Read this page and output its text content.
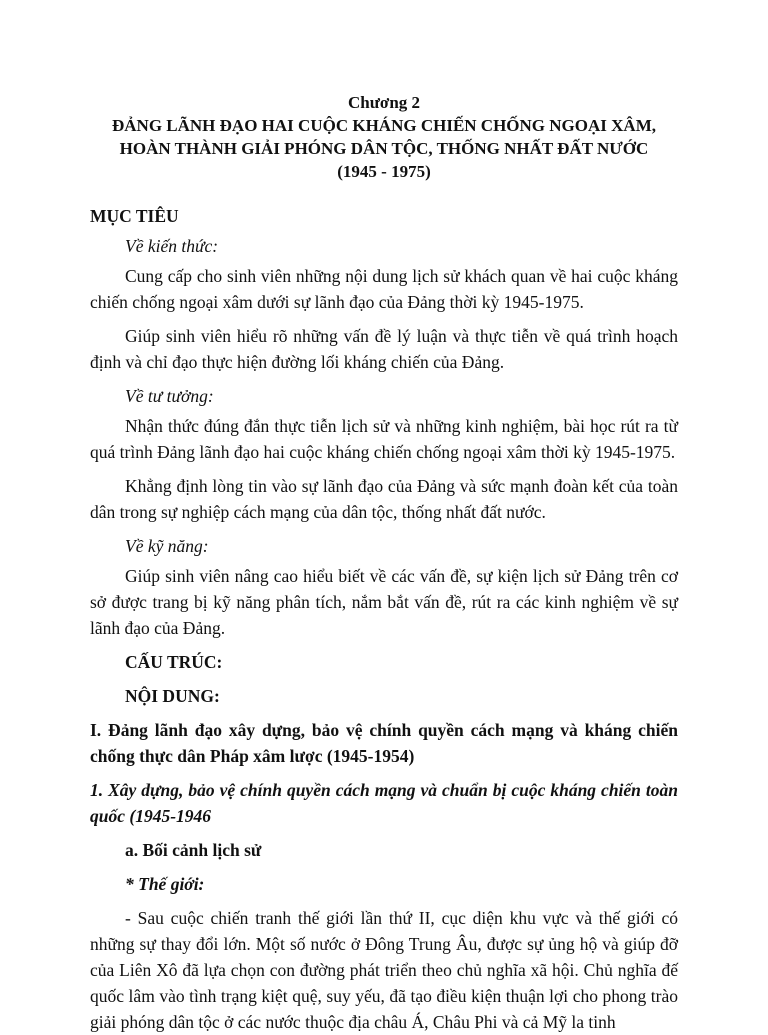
Chương 2
ĐẢNG LÃNH ĐẠO HAI CUỘC KHÁNG CHIẾN CHỐNG NGOẠI XÂM,
HOÀN THÀNH GIẢI PHÓNG DÂN TỘC, THỐNG NHẤT ĐẤT NƯỚC
(1945 - 1975)
MỤC TIÊU
Về kiến thức:
Cung cấp cho sinh viên những nội dung lịch sử khách quan về hai cuộc kháng chiến chống ngoại xâm dưới sự lãnh đạo của Đảng thời kỳ 1945-1975.
Giúp sinh viên hiểu rõ những vấn đề lý luận và thực tiễn về quá trình hoạch định và chỉ đạo thực hiện đường lối kháng chiến của Đảng.
Về tư tưởng:
Nhận thức đúng đắn thực tiễn lịch sử và những kinh nghiệm, bài học rút ra từ quá trình Đảng lãnh đạo hai cuộc kháng chiến chống ngoại xâm thời kỳ 1945-1975.
Khẳng định lòng tin vào sự lãnh đạo của Đảng và sức mạnh đoàn kết của toàn dân trong sự nghiệp cách mạng của dân tộc, thống nhất đất nước.
Về kỹ năng:
Giúp sinh viên nâng cao hiểu biết về các vấn đề, sự kiện lịch sử Đảng trên cơ sở được trang bị kỹ năng phân tích, nắm bắt vấn đề, rút ra các kinh nghiệm về sự lãnh đạo của Đảng.
CẤU TRÚC:
NỘI DUNG:
I. Đảng lãnh đạo xây dựng, bảo vệ chính quyền cách mạng và kháng chiến chống thực dân Pháp xâm lược (1945-1954)
1. Xây dựng, bảo vệ chính quyền cách mạng và chuẩn bị cuộc kháng chiến toàn quốc (1945-1946
a. Bối cảnh lịch sử
* Thế giới:
- Sau cuộc chiến tranh thế giới lần thứ II, cục diện khu vực và thế giới có những sự thay đổi lớn. Một số nước ở Đông Trung Âu, được sự ủng hộ và giúp đỡ của Liên Xô đã lựa chọn con đường phát triển theo chủ nghĩa xã hội. Chủ nghĩa đế quốc lâm vào tình trạng kiệt quệ, suy yếu, đã tạo điều kiện thuận lợi cho phong trào giải phóng dân tộc ở các nước thuộc địa châu Á, Châu Phi và cả Mỹ la tinh
